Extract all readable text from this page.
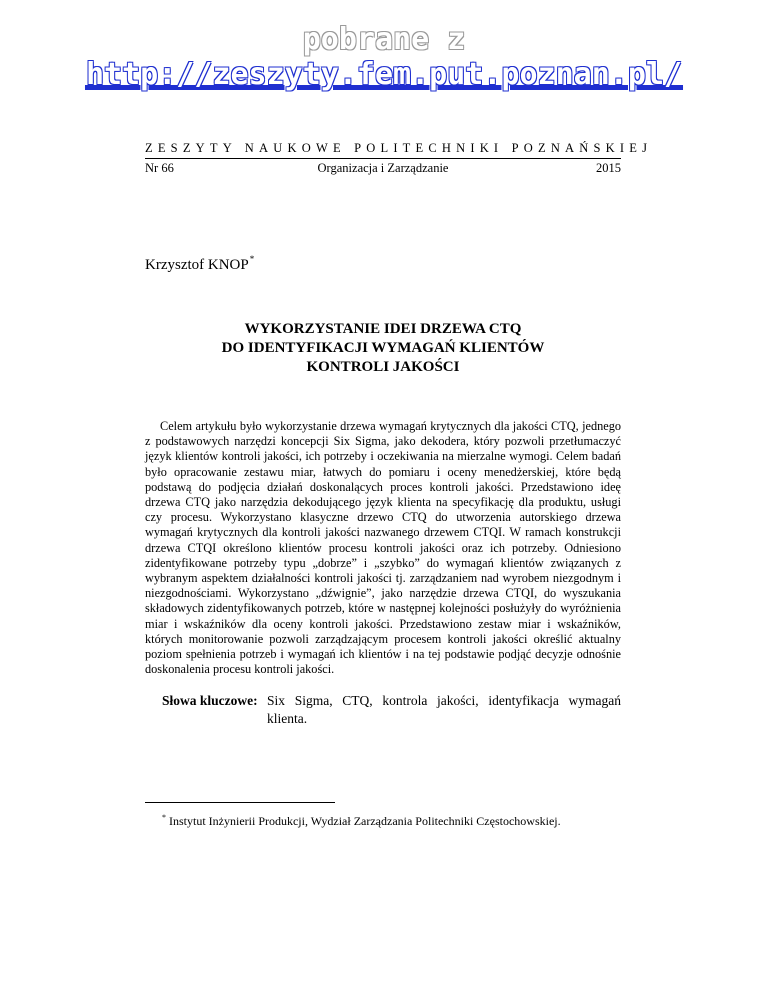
pobrane z http://zeszyty.fem.put.poznan.pl/
ZESZYTY NAUKOWE POLITECHNIKI POZNAŃSKIEJ
Nr 66	Organizacja i Zarządzanie	2015
Krzysztof KNOP*
WYKORZYSTANIE IDEI DRZEWA CTQ
DO IDENTYFIKACJI WYMAGAŃ KLIENTÓW
KONTROLI JAKOŚCI
Celem artykułu było wykorzystanie drzewa wymagań krytycznych dla jakości CTQ, jednego z podstawowych narzędzi koncepcji Six Sigma, jako dekodera, który pozwoli przetłumaczyć język klientów kontroli jakości, ich potrzeby i oczekiwania na mierzalne wymogi. Celem badań było opracowanie zestawu miar, łatwych do pomiaru i oceny menedżerskiej, które będą podstawą do podjęcia działań doskonalących proces kontroli jakości. Przedstawiono ideę drzewa CTQ jako narzędzia dekodującego język klienta na specyfikację dla produktu, usługi czy procesu. Wykorzystano klasyczne drzewo CTQ do utworzenia autorskiego drzewa wymagań krytycznych dla kontroli jakości nazwanego drzewem CTQI. W ramach konstrukcji drzewa CTQI określono klientów procesu kontroli jakości oraz ich potrzeby. Odniesiono zidentyfikowane potrzeby typu „dobrze” i „szybko” do wymagań klientów związanych z wybranym aspektem działalności kontroli jakości tj. zarządzaniem nad wyrobem niezgodnym i niezgodnościami. Wykorzystano „dźwignie”, jako narzędzie drzewa CTQI, do wyszukania składowych zidentyfikowanych potrzeb, które w następnej kolejności posłużyły do wyróżnienia miar i wskaźników dla oceny kontroli jakości. Przedstawiono zestaw miar i wskaźników, których monitorowanie pozwoli zarządzającym procesem kontroli jakości określić aktualny poziom spełnienia potrzeb i wymagań ich klientów i na tej podstawie podjąć decyzje odnośnie doskonalenia procesu kontroli jakości.
Słowa kluczowe: Six Sigma, CTQ, kontrola jakości, identyfikacja wymagań klienta.
* Instytut Inżynierii Produkcji, Wydział Zarządzania Politechniki Częstochowskiej.
